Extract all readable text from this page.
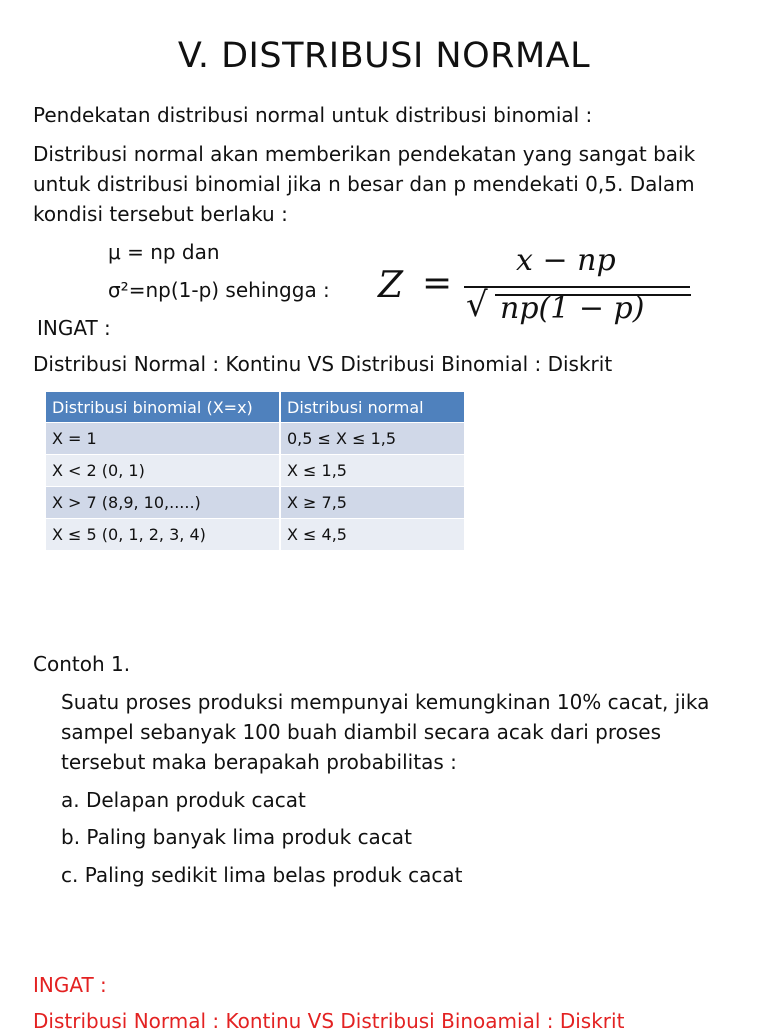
V. DISTRIBUSI NORMAL
Pendekatan distribusi normal untuk distribusi binomial :
Distribusi normal akan memberikan pendekatan yang sangat baik untuk distribusi binomial jika n besar dan p mendekati 0,5. Dalam kondisi tersebut berlaku :
μ = np dan
σ²=np(1-p) sehingga : Z =
x − np
√ np(1 − p)
INGAT :
Distribusi Normal : Kontinu VS Distribusi Binomial : Diskrit
Distribusi binomial (X=x)	Distribusi normal
X = 1	0,5 ≤ X ≤ 1,5
X < 2 (0, 1)	X ≤ 1,5
X > 7 (8,9, 10,.....)	X ≥ 7,5
X ≤ 5 (0, 1, 2, 3, 4)	X ≤ 4,5
Contoh 1.
Suatu proses produksi mempunyai kemungkinan 10% cacat, jika sampel sebanyak 100 buah diambil secara acak dari proses tersebut maka berapakah probabilitas :
a. Delapan produk cacat
b. Paling banyak lima produk cacat
c. Paling sedikit lima belas produk cacat
INGAT :
Distribusi Normal : Kontinu VS Distribusi Binoamial : Diskrit
